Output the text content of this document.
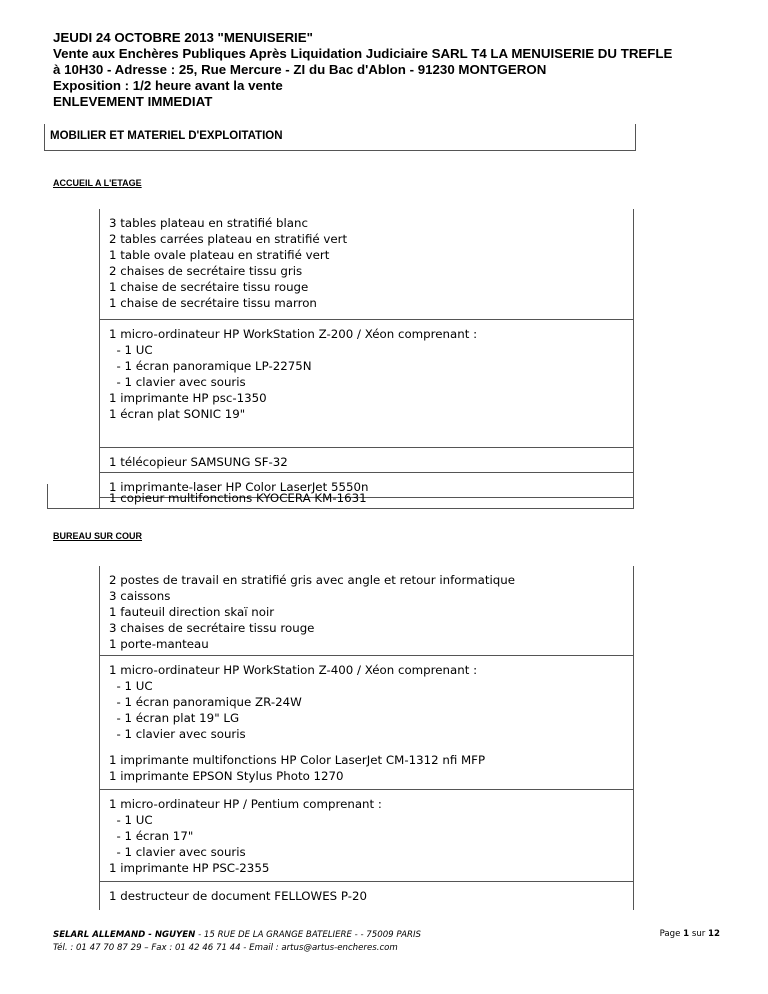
JEUDI 24 OCTOBRE 2013 "MENUISERIE"
Vente aux Enchères Publiques Après Liquidation Judiciaire SARL T4 LA MENUISERIE DU TREFLE
à 10H30 - Adresse : 25, Rue Mercure - ZI du Bac d'Ablon - 91230 MONTGERON
Exposition : 1/2 heure avant la vente
ENLEVEMENT IMMEDIAT
MOBILIER ET MATERIEL D'EXPLOITATION
ACCUEIL A L'ETAGE
3 tables plateau en stratifié blanc
2 tables carrées plateau en stratifié vert
1 table ovale plateau en stratifié vert
2 chaises de secrétaire tissu gris
1 chaise de secrétaire tissu rouge
1 chaise de secrétaire tissu marron
1 micro-ordinateur HP WorkStation Z-200 / Xéon comprenant :
- 1 UC
- 1 écran panoramique LP-2275N
- 1 clavier avec souris
1 imprimante HP psc-1350
1 écran plat SONIC 19"
1 télécopieur SAMSUNG SF-32
1 imprimante-laser HP Color LaserJet 5550n
1 copieur multifonctions KYOCERA KM-1631
BUREAU SUR COUR
2 postes de travail en stratifié gris avec angle et retour informatique
3 caissons
1 fauteuil direction skaï noir
3 chaises de secrétaire tissu rouge
1 porte-manteau
1 micro-ordinateur HP WorkStation Z-400 / Xéon comprenant :
- 1 UC
- 1 écran panoramique ZR-24W
- 1 écran plat 19" LG
- 1 clavier avec souris
1 imprimante multifonctions HP Color LaserJet CM-1312 nfi MFP
1 imprimante EPSON Stylus Photo 1270
1 micro-ordinateur HP / Pentium comprenant :
- 1 UC
- 1 écran 17"
- 1 clavier avec souris
1 imprimante HP PSC-2355
1 destructeur de document FELLOWES P-20
SELARL ALLEMAND - NGUYEN - 15 RUE DE LA GRANGE BATELIERE - - 75009 PARIS
Tél. : 01 47 70 87 29 – Fax : 01 42 46 71 44 - Email : artus@artus-encheres.com
Page 1 sur 12
